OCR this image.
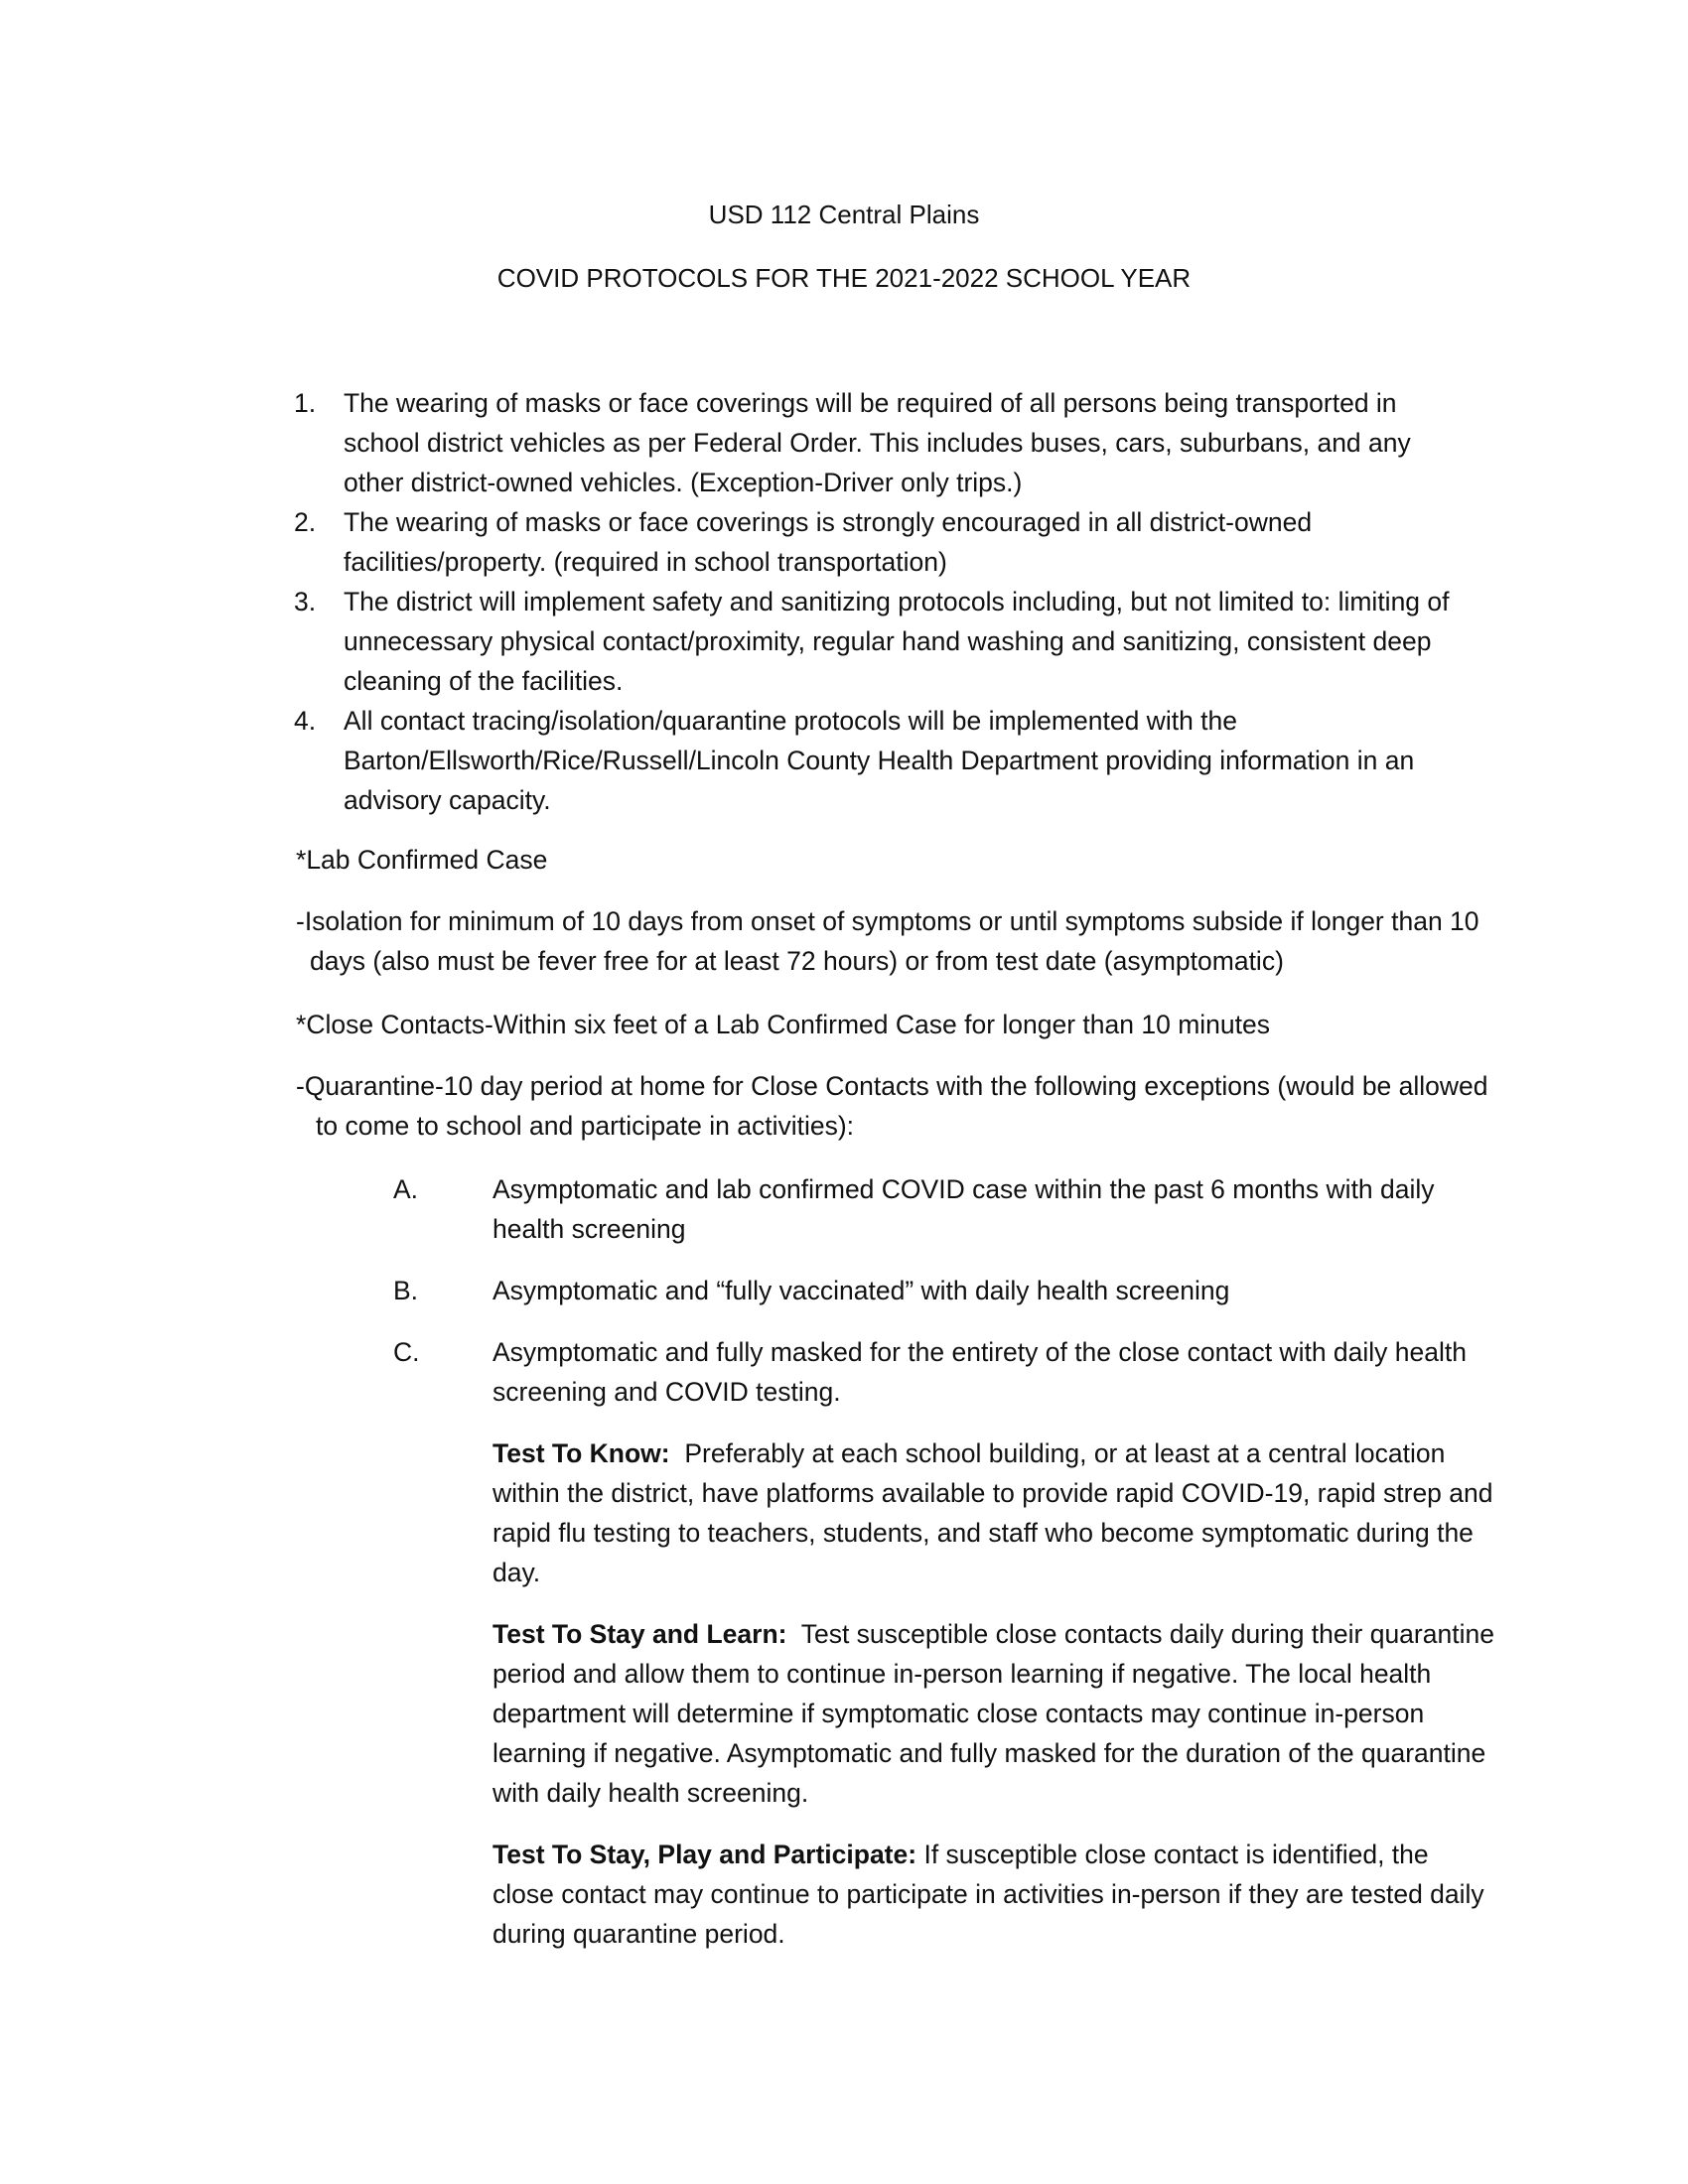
USD 112 Central Plains
COVID PROTOCOLS FOR THE 2021-2022 SCHOOL YEAR
1. The wearing of masks or face coverings will be required of all persons being transported in school district vehicles as per Federal Order. This includes buses, cars, suburbans, and any other district-owned vehicles. (Exception-Driver only trips.)
2. The wearing of masks or face coverings is strongly encouraged in all district-owned facilities/property. (required in school transportation)
3. The district will implement safety and sanitizing protocols including, but not limited to: limiting of unnecessary physical contact/proximity, regular hand washing and sanitizing, consistent deep cleaning of the facilities.
4. All contact tracing/isolation/quarantine protocols will be implemented with the Barton/Ellsworth/Rice/Russell/Lincoln County Health Department providing information in an advisory capacity.

*Lab Confirmed Case

-Isolation for minimum of 10 days from onset of symptoms or until symptoms subside if longer than 10 days (also must be fever free for at least 72 hours) or from test date (asymptomatic)

*Close Contacts-Within six feet of a Lab Confirmed Case for longer than 10 minutes

-Quarantine-10 day period at home for Close Contacts with the following exceptions (would be allowed to come to school and participate in activities):

A.	Asymptomatic and lab confirmed COVID case within the past 6 months with daily health screening
B.	Asymptomatic and “fully vaccinated” with daily health screening
C.	Asymptomatic and fully masked for the entirety of the close contact with daily health screening and COVID testing.

Test To Know: Preferably at each school building, or at least at a central location within the district, have platforms available to provide rapid COVID-19, rapid strep and rapid flu testing to teachers, students, and staff who become symptomatic during the day.

Test To Stay and Learn: Test susceptible close contacts daily during their quarantine period and allow them to continue in-person learning if negative. The local health department will determine if symptomatic close contacts may continue in-person learning if negative. Asymptomatic and fully masked for the duration of the quarantine with daily health screening.

Test To Stay, Play and Participate: If susceptible close contact is identified, the close contact may continue to participate in activities in-person if they are tested daily during quarantine period.
